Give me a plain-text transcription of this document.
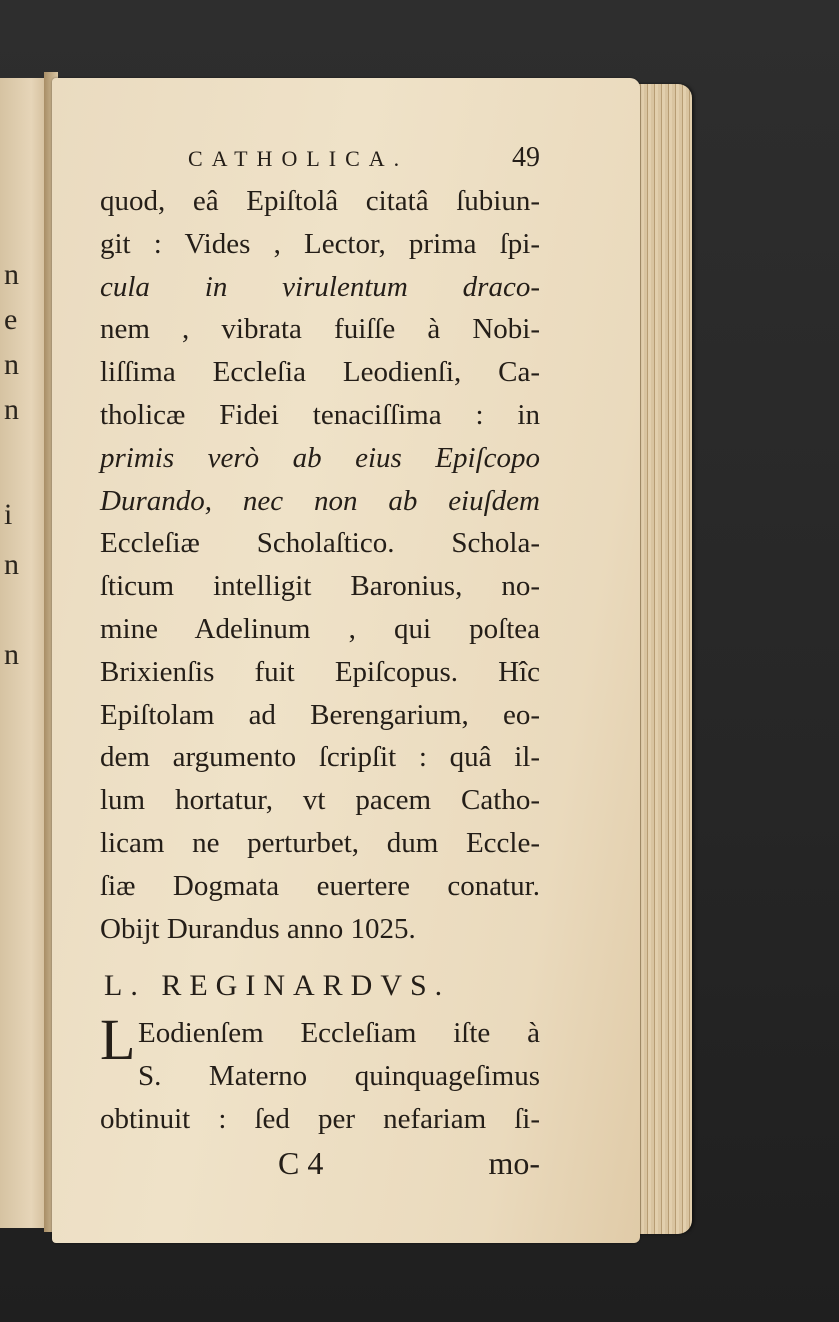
n
e
n
n
i
n
n
CATHOLICA.	49
quod, eâ Epiſtolâ citatâ ſubiun-
git : Vides , Lector, prima ſpi-
cula in virulentum draco-
nem , vibrata fuiſſe à Nobi-
liſſima Eccleſia Leodienſi, Ca-
tholicæ Fidei tenaciſſima : in
primis verò ab eius Epiſcopo
Durando, nec non ab eiuſdem
Eccleſiæ Scholaſtico. Schola-
ſticum intelligit Baronius, no-
mine Adelinum , qui poſtea
Brixienſis fuit Epiſcopus. Hîc
Epiſtolam ad Berengarium, eo-
dem argumento ſcripſit : quâ il-
lum hortatur, vt pacem Catho-
licam ne perturbet, dum Eccle-
ſiæ Dogmata euertere conatur.
Obijt Durandus anno 1025.
L. REGINARDVS.
L Eodienſem Eccleſiam iſte à
S. Materno quinquageſimus
obtinuit : ſed per nefariam ſi-
C 4	mo-
